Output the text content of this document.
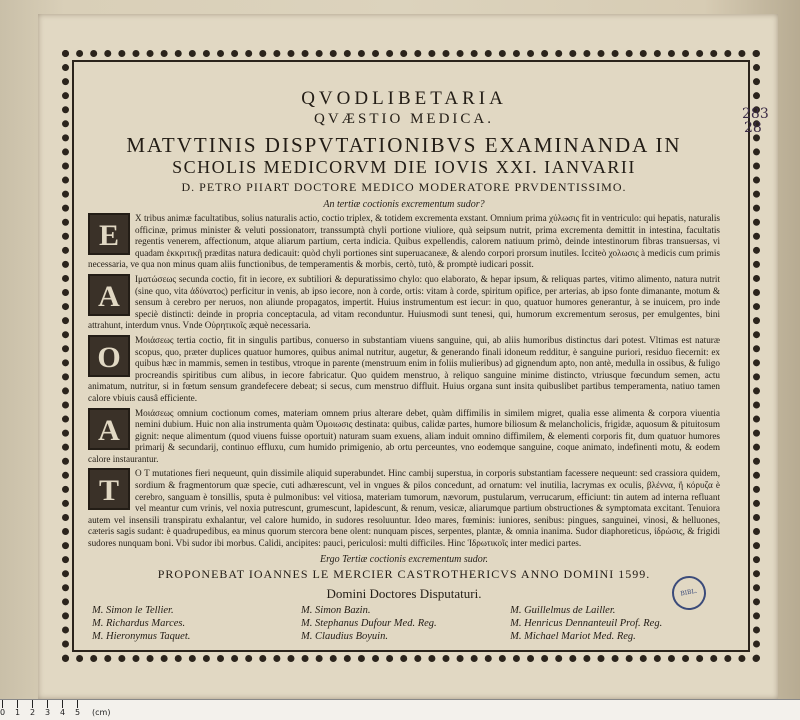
QVODLIBETARIA

QVÆSTIO MEDICA.

MATVTINIS DISPVTATIONIBVS EXAMINANDA IN

SCHOLIS MEDICORVM DIE IOVIS XXI. IANVARII

D. PETRO PIIART DOCTORE MEDICO MODERATORE PRVDENTISSIMO.

An tertiæ coctionis excrementum sudor?

E
X tribus animæ facultatibus, solius naturalis actio, coctio triplex, & totidem excrementa exstant. Omnium prima χύλωσις fit in ventriculo: qui hepatis, naturalis officinæ, primus minister & veluti possionatorr, transsumptà chyli portione viuliore, quà seipsum nutrit, prima excrementa demittit in intestina, facultatis regentis venerem, affectionum, atque aliarum partium, certa indicia. Quibus expellendis, calorem natiuum primò, deinde intestinorum fibras transuersas, vi quadam ἐκκριτικῇ præditas natura dedicauit: quòd chyli portiones sint superuacaneæ, & alendo corpori prorsum inutiles. Icciteò χολωσις à medicis cum primis necessaria, ve qua non minus quam aliis functionibus, de temperamentis & morbis, certò, tutò, & promptè iudicari possit.
A
Ιματώσεως secunda coctio, fit in iecore, ex subtiliori & depuratissimo chylo: quo elaborato, & hepar ipsum, & reliquas partes, vitimo alimento, natura nutrit (sine quo, vita ἀδύνατος) perficitur in venis, ab ipso iecore, non à corde, ortis: vitam à corde, spiritum opifice, per arterias, ab ipso fonte dimanante, motum & sensum à cerebro per neruos, non aliunde propagatos, impertit. Huius instrumentum est iecur: in quo, quatuor humores generantur, à se inuicem, pro inde speciè distincti: deinde in propria conceptacula, ad vitam reconduntur. Huiusmodi sunt tenesi, qui, humorum excrementum serosus, per emulgentes, bini attrahunt, interdum vnus. Vnde Οὐρητικοῖς æquè necessaria.
O
Μοιάσεως tertia coctio, fit in singulis partibus, conuerso in substantiam viuens sanguine, qui, ab aliis humoribus distinctus dari potest. Vltimas est naturæ scopus, quo, præter duplices quatuor humores, quibus animal nutritur, augetur, & generando finali idoneum redditur, è sanguine puriori, residuo fiecernit: ex quibus hæc in mammis, semen in testibus, vtroque in parente (menstruum enim in foliis mulieribus) ad gignendum apto, non antè, medulla in ossibus, & fuligo procreandis spiritibus cum alibus, in iecore fabricatur. Quo quidem menstruo, à reliquo sanguine minime distincto, vtriusque fœcundum semen, actu animatum, nutritur, si in fœtum sensum grandefecere debeat; si secus, cum menstruo diffluit. Huius organa sunt insita quibuslibet partibus temperamenta, natiuo tamen calore vbiuis causâ efficiente.
A
Μοιάσεως omnium coctionum comes, materiam omnem prius alterare debet, quàm diffimilis in similem migret, qualia esse alimenta & corpora viuentia nemini dubium. Huic non alia instrumenta quàm Ὁμοιωσις destinata: quibus, calidæ partes, humore biliosum & melancholicis, frigidæ, aquosum & pituitosum gignit: neque alimentum (quod viuens fuisse oportuit) naturam suam exuens, aliam induit omnino diffimilem, & elementi corporis fit, dum quatuor humores primarij & secundarij, continuo effluxu, cum humido primigenio, ab ortu perceuntes, vno eodemque sanguine, coque animato, indefinenti motu, & eodem calore instaurantur.
T
O T mutationes fieri nequeunt, quin dissimile aliquid superabundet. Hinc cambij superstua, in corporis substantiam facessere nequeunt: sed crassiora quidem, sordium & fragmentorum quæ specie, cuti adhærescunt, vel in vngues & pilos concedunt, ad ornatum: vel inutilia, lacrymas ex oculis, βλέννα, ἢ κόρυζα è cerebro, sanguam è tonsillis, sputa è pulmonibus: vel vitiosa, materiam tumorum, nævorum, pustularum, verrucarum, efficiunt: tin autem ad interna refluant vel meantur cum vrinis, vel noxia putrescunt, grumescunt, lapidescunt, & renum, vesicæ, aliarumque partium obstructiones & symptomata excitant. Tenuiora autem vel insensili transpiratu exhalantur, vel calore humido, in sudores resoluuntur. Ideo mares, fœminis: iuniores, senibus: pingues, sanguinei, vinosi, & helluones, cæteris sagis sudant: è quadrupedibus, ea minus quorum stercora bene olent: nunquam pisces, serpentes, plantæ, & omnia inanima. Sudor diaphoreticus, ἱδρώσις, & frigidi sudores nunquam boni. Vbi sudor ibi morbus. Calidi, ancipites: pauci, periculosi: multi difficiles. Hinc Ἱδρωτικοῖς inter medici partes.

Ergo Tertiæ coctionis excrementum sudor.

PROPONEBAT IOANNES LE MERCIER CASTROTHERICVS ANNO DOMINI 1599.

Domini Doctores Disputaturi.

M. Simon le Tellier.
M. Richardus Marces.
M. Hieronymus Taquet.
M. Simon Bazin.
M. Stephanus Dufour Med. Reg.
M. Claudius Boyuin.
M. Guillelmus de Lailler.
M. Henricus Dennanteuil Prof. Reg.
M. Michael Mariot Med. Reg.
283
28
BIBL.
0 1 2 3 4 5 (cm)
